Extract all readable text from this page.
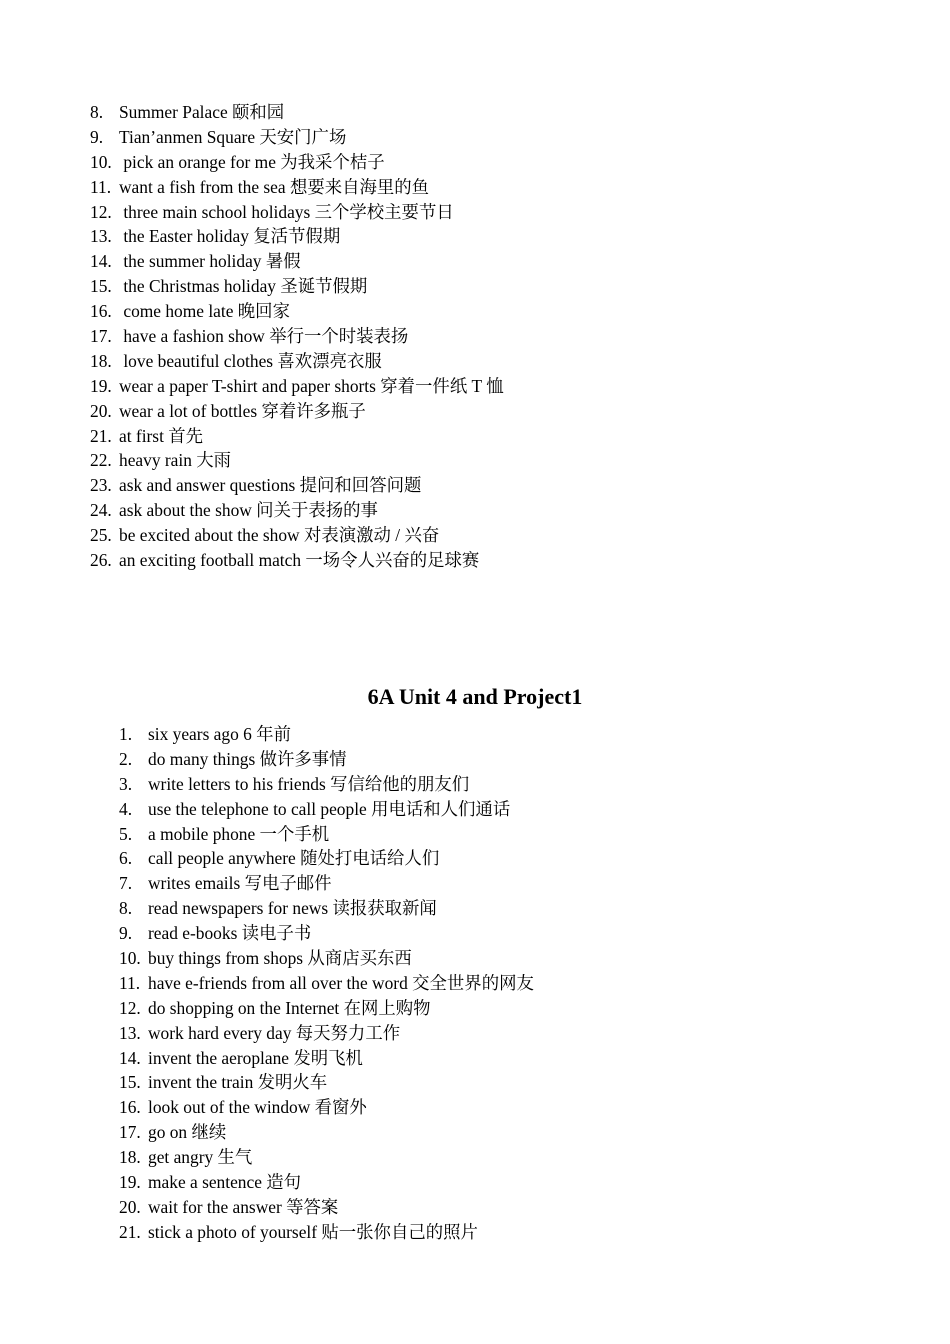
8. Summer Palace 颐和园
9. Tian’anmen Square 天安门广场
10. pick an orange for me 为我采个桔子
11. want a fish from the sea 想要来自海里的鱼
12. three main school holidays 三个学校主要节日
13. the Easter holiday 复活节假期
14. the summer holiday 暑假
15. the Christmas holiday 圣诞节假期
16. come home late 晚回家
17. have a fashion show 举行一个时装表扬
18. love beautiful clothes 喜欢漂亮衣服
19. wear a paper T-shirt and paper shorts 穿着一件纸 T 恤
20. wear a lot of bottles 穿着许多瓶子
21. at first 首先
22. heavy rain 大雨
23. ask and answer questions 提问和回答问题
24. ask about the show 问关于表扬的事
25. be excited about the show 对表演激动 / 兴奋
26. an exciting football match 一场令人兴奋的足球赛
6A Unit 4 and Project1
1. six years ago 6 年前
2. do many things 做许多事情
3. write letters to his friends 写信给他的朋友们
4. use the telephone to call people 用电话和人们通话
5. a mobile phone 一个手机
6. call people anywhere 随处打电话给人们
7. writes emails 写电子邮件
8. read newspapers for news 读报获取新闻
9. read e-books 读电子书
10. buy things from shops 从商店买东西
11. have e-friends from all over the word 交全世界的网友
12. do shopping on the Internet 在网上购物
13. work hard every day 每天努力工作
14. invent the aeroplane 发明飞机
15. invent the train 发明火车
16. look out of the window 看窗外
17. go on 继续
18. get angry 生气
19. make a sentence 造句
20. wait for the answer 等答案
21. stick a photo of yourself 贴一张你自己的照片
